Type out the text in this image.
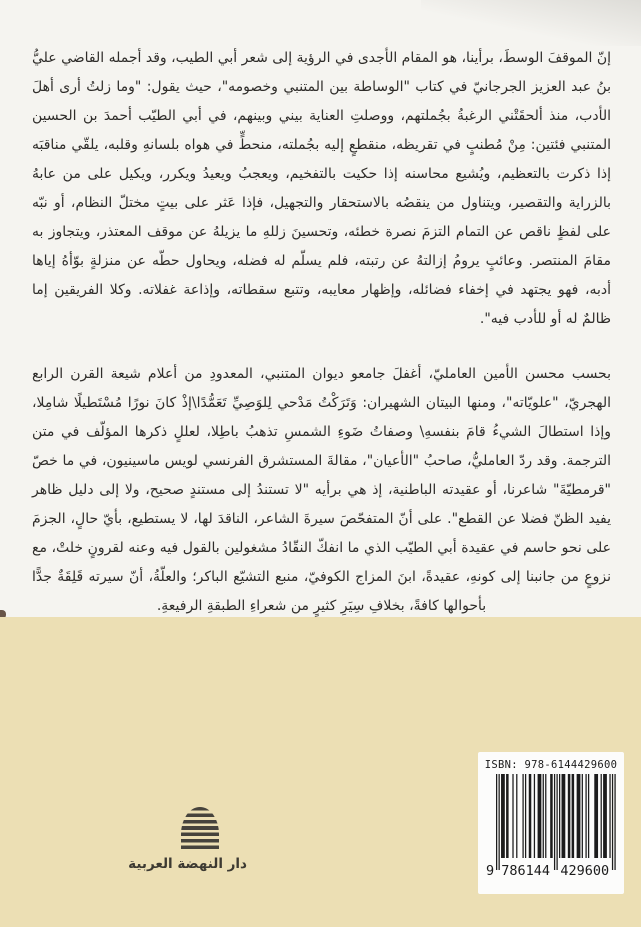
إنّ الموقفَ الوسطَ، برأينا، هو المقام الأجدى في الرؤية إلى شعر أبي الطيب، وقد أجمله القاضي عليُّ بنُ عبد العزيز الجرجانيّ في كتاب "الوساطة بين المتنبي وخصومه"، حيث يقول: "وما زلتُ أرى أهلَ الأدب، منذ ألحقَتْني الرغبةُ بجُملتهم، ووصلتِ العناية بيني وبينهم، في أبي الطيّب أحمدَ بن الحسين المتنبي فئتين: مِنْ مُطنبٍ في تقريظه، منقطعٍ إليه بجُملته، منحطٍّ في هواه بلسانهِ وقلبه، يلقّي مناقبَه إذا ذكرت بالتعظيم، ويُشيع محاسنه إذا حكيت بالتفخيم، ويعجبُ ويعيدُ ويكرر، ويكيل على من عابهُ بالزراية والتقصير، ويتناول من ينقصُه بالاستحقار والتجهيل، فإذا عَثر على بيتٍ مختلّ النظام، أو نبّه على لفظٍ ناقص عن التمام التزمَ نصرة خطئه، وتحسينَ زللهِ ما يزيلهُ عن موقف المعتذر، ويتجاوز به مقامَ المنتصر. وعائبٍ يرومُ إزالتهُ عن رتبته، فلم يسلّم له فضله، ويحاول حطّه عن منزلةٍ بوّأهُ إياها أدبه، فهو يجتهد في إخفاء فضائله، وإظهار معايبه، وتتبع سقطاته، وإذاعة غفلاته. وكلا الفريقين إما ظالمٌ له أو للأدب فيه".

بحسب محسن الأمين العامليّ، أغفلَ جامعو ديوان المتنبي، المعدودِ من أعلام شيعة القرن الرابع الهجريّ، "علويّاته"، ومنها البيتان الشهيران: وَتَرَكْتُ مَدْحي لِلوَصِيِّ تَعَمُّدًا\إذْ كانَ نورًا مُسْتَطيلًا شامِلا، وإذا استطالَ الشيءُ قامَ بنفسهِ\ وصفاتُ ضَوءِ الشمسِ تذهبُ باطِلا، لعللٍ ذكرها المؤلّف في متن الترجمة. وقد ردّ العامليُّ، صاحبُ "الأعيان"، مقالةَ المستشرق الفرنسي لويس ماسينيون، في ما خصّ "قرمطيّةَ" شاعرنا، أو عقيدته الباطنية، إذ هي برأيه "لا تستندُ إلى مستندٍ صحيح، ولا إلى دليل ظاهر يفيد الظنّ فضلا عن القطع". على أنّ المتفحّصَ سيرةَ الشاعر، الناقدَ لها، لا يستطيع، بأيّ حالٍ، الجزمَ على نحو حاسم في عقيدة أبي الطيّب الذي ما انفكّ النقّادُ مشغولين بالقول فيه وعنه لقرونٍ خلتْ، مع نزوعٍ من جانبنا إلى كونهِ، عقيدةً، ابنَ المزاج الكوفيّ، منبع التشيّع الباكر؛ والعلّةُ، أنّ سيرته قَلِقَةٌ جدًّا بأحوالها كافةً، بخلافِ سِيَرِ كثيرٍ من شعراءِ الطبقةِ الرفيعةِ.

دار النهضة العربية
ISBN: 978-6144429600
9 786144 429600
